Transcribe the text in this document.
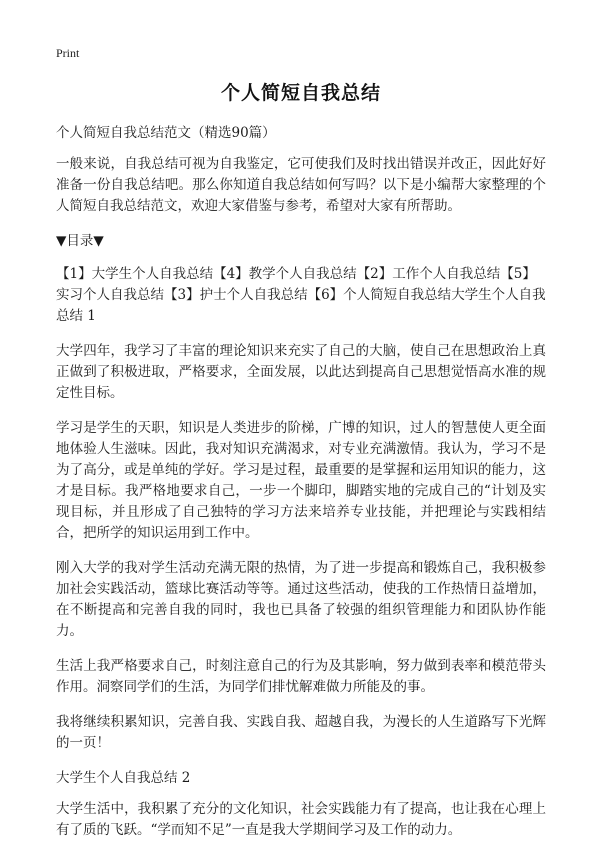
Print
个人简短自我总结

个人简短自我总结范文（精选90篇）

一般来说，自我总结可视为自我鉴定，它可使我们及时找出错误并改正，因此好好准备一份自我总结吧。那么你知道自我总结如何写吗？以下是小编帮大家整理的个人简短自我总结范文，欢迎大家借鉴与参考，希望对大家有所帮助。

▼目录▼

【1】大学生个人自我总结【4】教学个人自我总结【2】工作个人自我总结【5】实习个人自我总结【3】护士个人自我总结【6】个人简短自我总结大学生个人自我总结 1

大学四年，我学习了丰富的理论知识来充实了自己的大脑，使自己在思想政治上真正做到了积极进取，严格要求，全面发展，以此达到提高自己思想觉悟高水准的规定性目标。

学习是学生的天职，知识是人类进步的阶梯，广博的知识，过人的智慧使人更全面地体验人生滋味。因此，我对知识充满渴求，对专业充满激情。我认为，学习不是为了高分，或是单纯的学好。学习是过程，最重要的是掌握和运用知识的能力，这才是目标。我严格地要求自己，一步一个脚印，脚踏实地的完成自己的“计划及实现目标，并且形成了自己独特的学习方法来培养专业技能，并把理论与实践相结合，把所学的知识运用到工作中。

刚入大学的我对学生活动充满无限的热情，为了进一步提高和锻炼自己，我积极参加社会实践活动，篮球比赛活动等等。通过这些活动，使我的工作热情日益增加，在不断提高和完善自我的同时，我也已具备了较强的组织管理能力和团队协作能力。

生活上我严格要求自己，时刻注意自己的行为及其影响，努力做到表率和模范带头作用。洞察同学们的生活，为同学们排忧解难做力所能及的事。

我将继续积累知识，完善自我、实践自我、超越自我，为漫长的人生道路写下光辉的一页！

大学生个人自我总结 2

大学生活中，我积累了充分的文化知识，社会实践能力有了提高，也让我在心理上有了质的飞跃。“学而知不足”一直是我大学期间学习及工作的动力。
